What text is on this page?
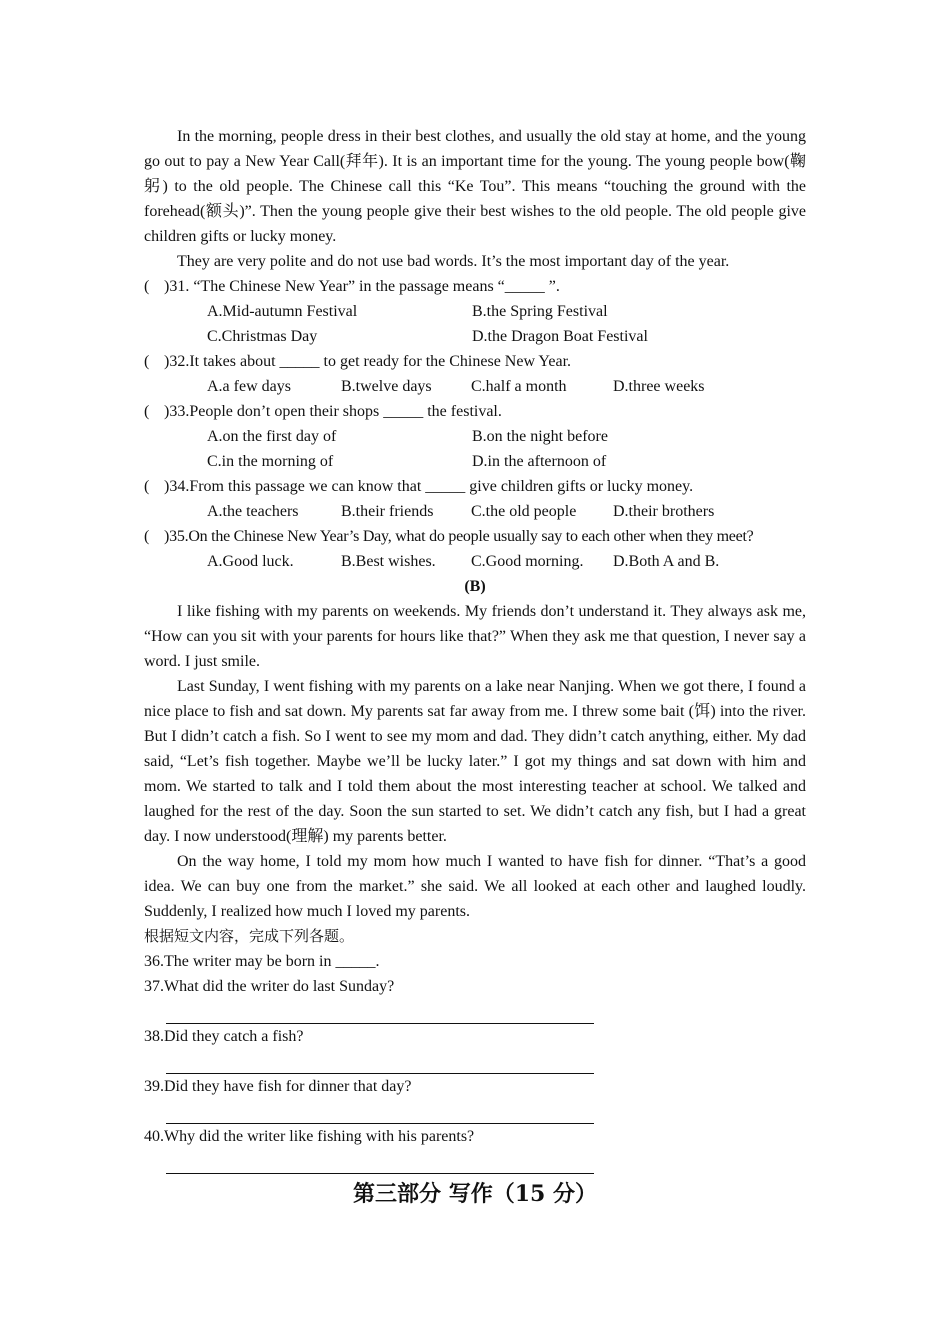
In the morning, people dress in their best clothes, and usually the old stay at home, and the young go out to pay a New Year Call(拜年). It is an important time for the young. The young people bow(鞠躬) to the old people. The Chinese call this “Ke Tou”. This means “touching the ground with the forehead(额头)”. Then the young people give their best wishes to the old people. The old people give children gifts or lucky money.

They are very polite and do not use bad words. It’s the most important day of the year.

( )31. “The Chinese New Year” in the passage means “_____ ”.

A.Mid-autumn Festival	B.the Spring Festival

C.Christmas Day	D.the Dragon Boat Festival

( )32.It takes about _____ to get ready for the Chinese New Year.

A.a few days	B.twelve days C.half a month	D.three weeks

( )33.People don’t open their shops _____ the festival.

A.on the first day of	B.on the night before

C.in the morning of	D.in the afternoon of

( )34.From this passage we can know that _____ give children gifts or lucky money.

A.the teachers	B.their friends C.the old people D.their brothers

( )35.On the Chinese New Year’s Day, what do people usually say to each other when they meet?

A.Good luck.	B.Best wishes. C.Good morning. D.Both A and B.

(B)

I like fishing with my parents on weekends. My friends don’t understand it. They always ask me, “How can you sit with your parents for hours like that?” When they ask me that question, I never say a word. I just smile.

Last Sunday, I went fishing with my parents on a lake near Nanjing. When we got there, I found a nice place to fish and sat down. My parents sat far away from me. I threw some bait (饵) into the river. But I didn’t catch a fish. So I went to see my mom and dad. They didn’t catch anything, either. My dad said, “Let’s fish together. Maybe we’ll be lucky later.” I got my things and sat down with him and mom. We started to talk and I told them about the most interesting teacher at school. We talked and laughed for the rest of the day. Soon the sun started to set. We didn’t catch any fish, but I had a great day. I now understood(理解) my parents better.

On the way home, I told my mom how much I wanted to have fish for dinner. “That’s a good idea. We can buy one from the market.” she said. We all looked at each other and laughed loudly. Suddenly, I realized how much I loved my parents.

根据短文内容，完成下列各题。

36.The writer may be born in _____.

37.What did the writer do last Sunday?

38.Did they catch a fish?

39.Did they have fish for dinner that day?

40.Why did the writer like fishing with his parents?

第三部分 写作（15 分）
